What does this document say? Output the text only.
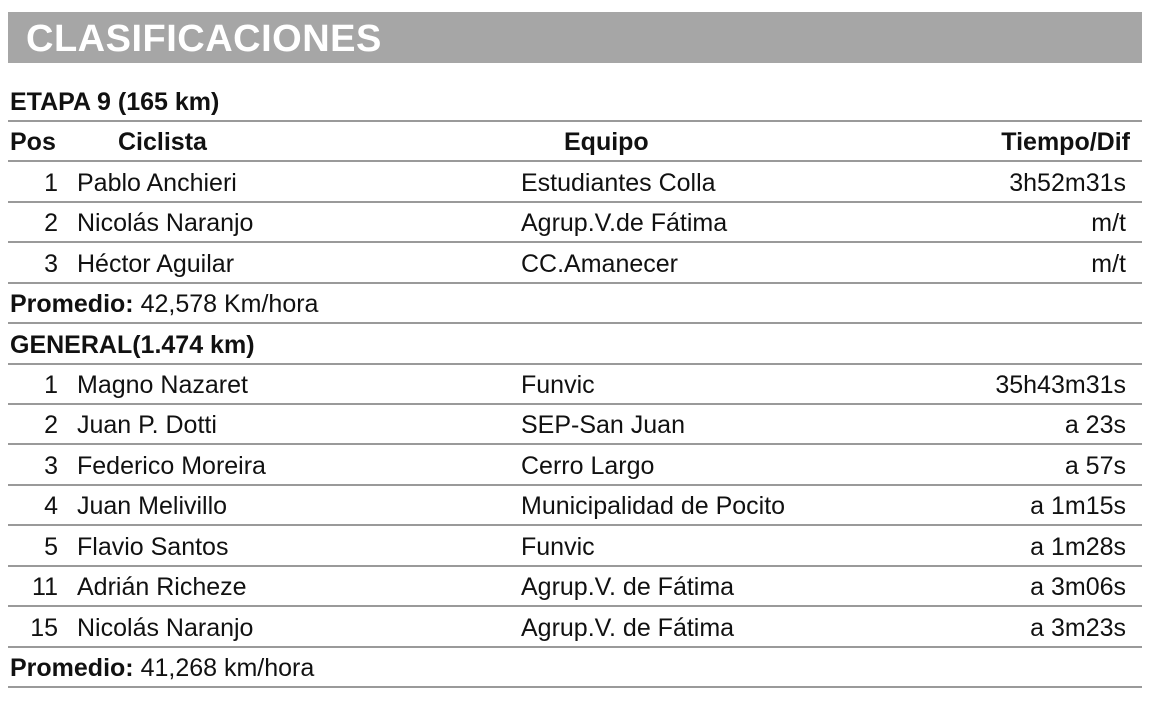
CLASIFICACIONES
ETAPA 9 (165 km)
Pos Ciclista	Equipo	Tiempo/Dif
1 Pablo Anchieri	Estudiantes Colla	3h52m31s
2 Nicolás Naranjo	Agrup.V.de Fátima	m/t
3 Héctor Aguilar	CC.Amanecer	m/t
Promedio: 42,578 Km/hora
GENERAL(1.474 km)
1 Magno Nazaret	Funvic	35h43m31s
2 Juan P. Dotti	SEP-San Juan	a 23s
3 Federico Moreira	Cerro Largo	a 57s
4 Juan Melivillo	Municipalidad de Pocito	a 1m15s
5 Flavio Santos	Funvic	a 1m28s
11 Adrián Richeze	Agrup.V. de Fátima	a 3m06s
15 Nicolás Naranjo	Agrup.V. de Fátima	a 3m23s
Promedio: 41,268 km/hora
